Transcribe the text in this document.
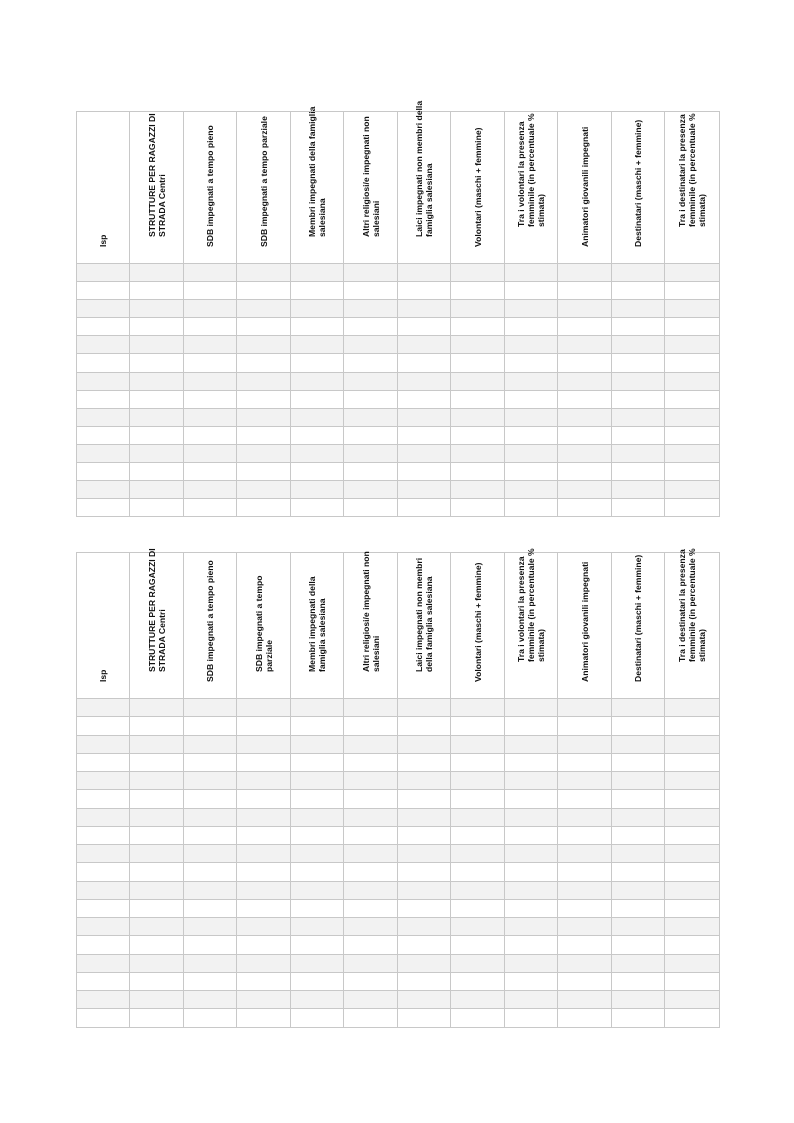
Isp	STRUTTURE PER RAGAZZI DI STRADA Centri	SDB impegnati a tempo pieno	SDB impegnati a tempo parziale	Membri impegnati della famiglia salesiana	Altri religiosi/e impegnati non salesiani	Laici impegnati non membri della famiglia salesiana	Volontari (maschi + femmine)	Tra i volontari la presenza femminile (in percentuale % stimata)	Animatori giovanili impegnati	Destinatari (maschi + femmine)	Tra i destinatari la presenza femminile (in percentuale % stimata)

Isp	STRUTTURE PER RAGAZZI DI STRADA Centri	SDB impegnati a tempo pieno	SDB impegnati a tempo parziale	Membri impegnati della famiglia salesiana	Altri religiosi/e impegnati non salesiani	Laici impegnati non membri della famiglia salesiana	Volontari (maschi + femmine)	Tra i volontari la presenza femminile (in percentuale % stimata)	Animatori giovanili impegnati	Destinatari (maschi + femmine)	Tra i destinatari la presenza femminile (in percentuale % stimata)
